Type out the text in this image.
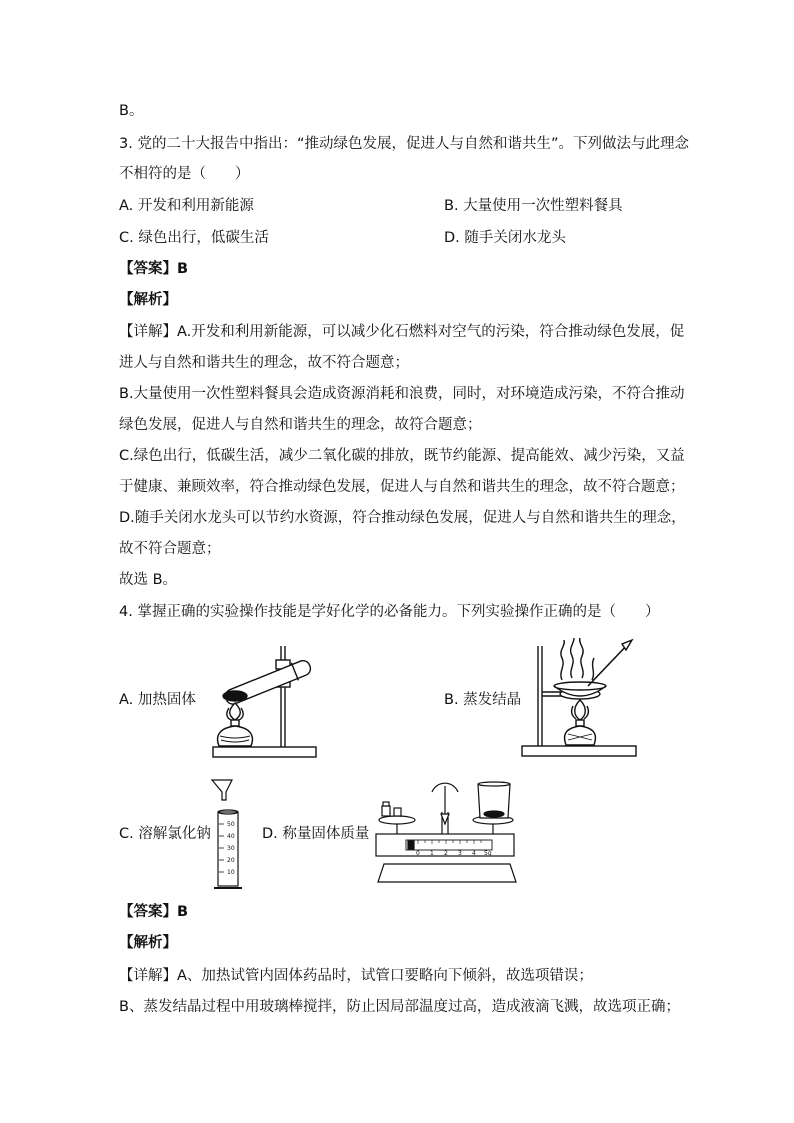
B。
3. 党的二十大报告中指出：“推动绿色发展，促进人与自然和谐共生”。下列做法与此理念
不相符的是（　　）
A. 开发和利用新能源	B. 大量使用一次性塑料餐具
C. 绿色出行，低碳生活	D. 随手关闭水龙头
【答案】B
【解析】
【详解】A.开发和利用新能源，可以减少化石燃料对空气的污染，符合推动绿色发展，促
进人与自然和谐共生的理念，故不符合题意；
B.大量使用一次性塑料餐具会造成资源消耗和浪费，同时，对环境造成污染，不符合推动
绿色发展，促进人与自然和谐共生的理念，故符合题意；
C.绿色出行，低碳生活，减少二氧化碳的排放，既节约能源、提高能效、减少污染，又益
于健康、兼顾效率，符合推动绿色发展，促进人与自然和谐共生的理念，故不符合题意；
D.随手关闭水龙头可以节约水资源，符合推动绿色发展，促进人与自然和谐共生的理念，
故不符合题意；
故选 B。
4. 掌握正确的实验操作技能是学好化学的必备能力。下列实验操作正确的是（　　）
A. 加热固体	B. 蒸发结晶
C. 溶解氯化钠
50
40
30
20
10
D. 称量固体质量
0 1 2 3 4 5g
【答案】B
【解析】
【详解】A、加热试管内固体药品时，试管口要略向下倾斜，故选项错误；
B、蒸发结晶过程中用玻璃棒搅拌，防止因局部温度过高，造成液滴飞溅，故选项正确；
